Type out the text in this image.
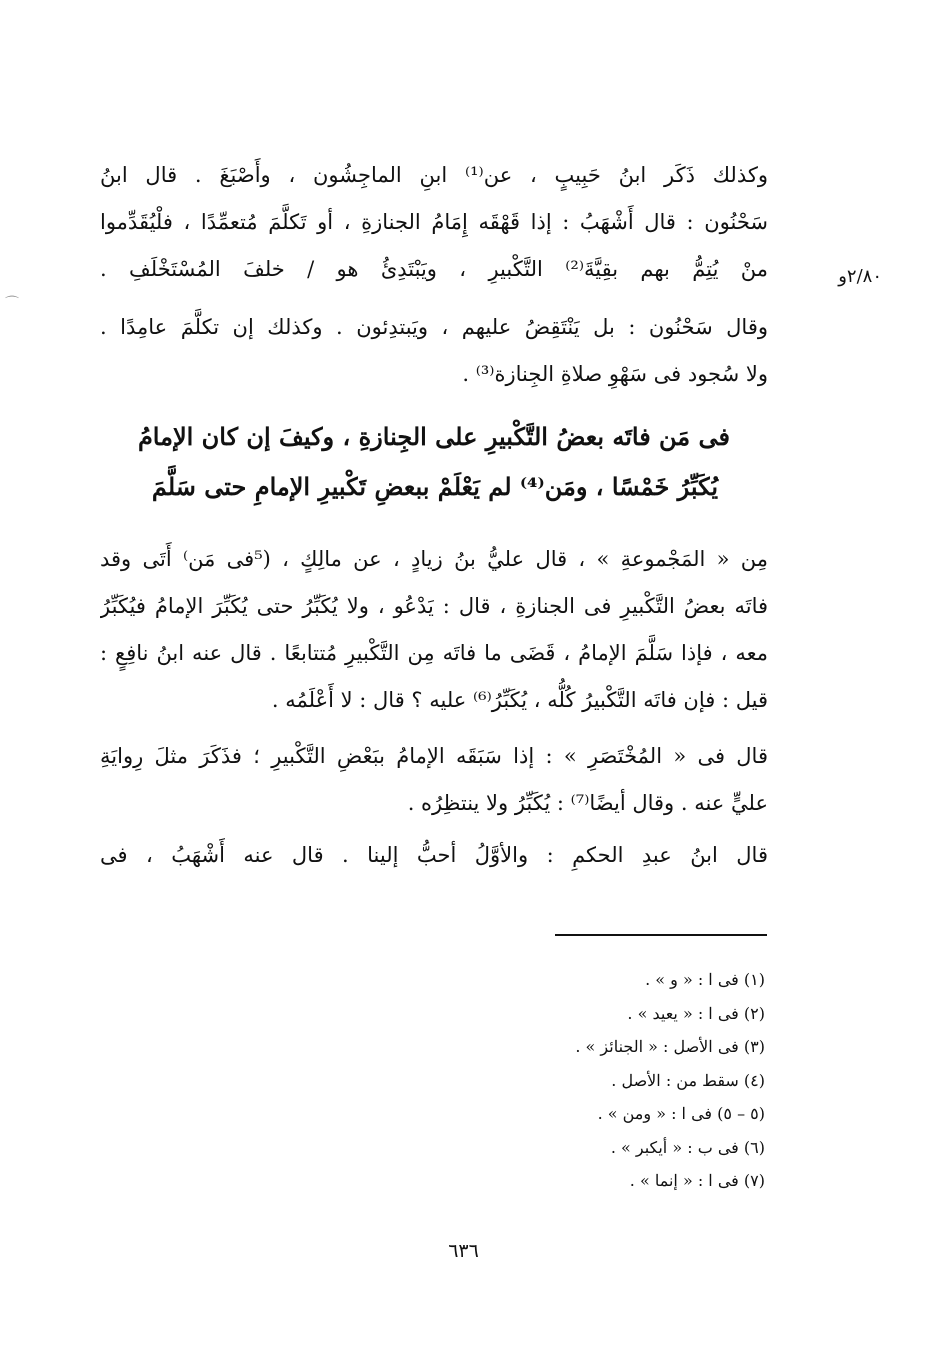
وكذلك ذَكَر ابنُ حَبِيبٍ ، عن⁽¹⁾ ابنِ الماجِشُون ، وأَصْبَغَ . قال ابنُ
سَحْنُون : قال أَشْهَبُ : إذا قَهْقَه إِمَامُ الجنازةِ ، أو تَكلَّمَ مُتعمِّدًا ، فلْيُقَدِّموا
منْ يُتِمُّ بهم بقِيَّةَ⁽²⁾ التَّكْبيرِ ، ويَبْتَدِئُ هو / خلفَ المُسْتَخْلَفِ .	٢/٨٠و
⌒
وقال سَحْنُون : بل يَنْتَقِضُ عليهم ، ويَبتدِئون . وكذلك إن تكلَّمَ عامِدًا .
ولا سُجود فى سَهْوِ صلاةِ الجِنازة⁽³⁾ .
فى مَن فاتَه بعضُ التَّكْبيرِ على الجِنازةِ ، وكيفَ إن كان الإمامُ
يُكَبِّرُ خَمْسًا ، ومَن⁽⁴⁾ لم يَعْلَمْ ببعضِ تَكْبيرِ الإمامِ حتى سَلَّمَ
مِن « المَجْموعةِ » ، قال عليُّ بنُ زيادٍ ، عن مالِكٍ ، (⁵فى مَن⁾ أَتَى وقد
فاتَه بعضُ التَّكْبيرِ فى الجنازةِ ، قال : يَدْعُو ، ولا يُكَبِّرُ حتى يُكَبِّرَ الإمامُ فيُكَبِّرُ
معه ، فإذا سَلَّمَ الإمامُ ، قَضَى ما فاتَه مِن التَّكْبيرِ مُتتابعًا . قال عنه ابنُ نافِعٍ :
قيل : فإن فاتَه التَّكْبيرُ كُلُّه ، يُكَبِّرُ⁽⁶⁾ عليه ؟ قال : لا أَعْلَمُه .
قال فى « المُخْتَصَرِ » : إذا سَبَقَه الإمامُ ببَعْضِ التَّكْبيرِ ؛ فذَكَرَ مثلَ رِوايَةِ
عليٍّ عنه . وقال أيضًا⁽⁷⁾ : يُكَبِّرُ ولا ينتظِرُه .
قال ابنُ عبدِ الحكمِ : والأوَّلُ أحبُّ إلينا . قال عنه أَشْهَبُ ، فى
(١) فى ا : « و » .
(٢) فى ا : « يعيد » .
(٣) فى الأصل : « الجنائز » .
(٤) سقط من : الأصل .
(٥ – ٥) فى ا : « ومن » .
(٦) فى ب : « أيكبر » .
(٧) فى ا : « إنما » .
٦٣٦
